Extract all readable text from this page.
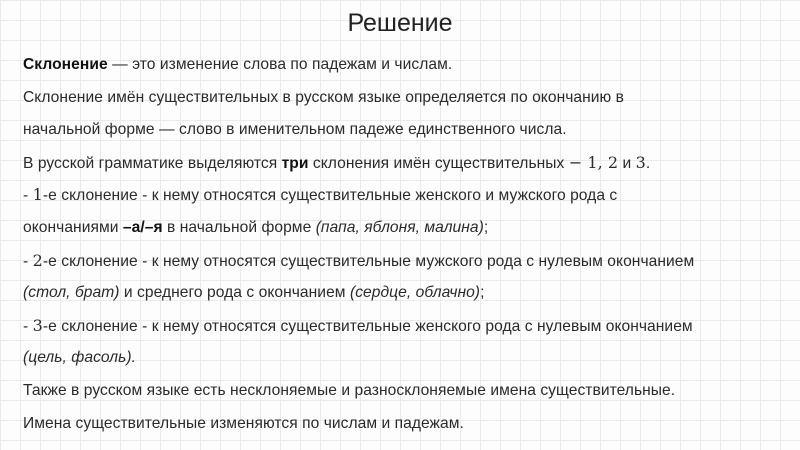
Решение
Склонение — это изменение слова по падежам и числам.
Склонение имён существительных в русском языке определяется по окончанию в
начальной форме — слово в именительном падеже единственного числа.
В русской грамматике выделяются три склонения имён существительных − 1, 2 и 3.
- 1-е склонение - к нему относятся существительные женского и мужского рода с
окончаниями –а/–я в начальной форме (папа, яблоня, малина);
- 2-е склонение - к нему относятся существительные мужского рода с нулевым окончанием
(стол, брат) и среднего рода с окончанием (сердце, облачно);
- 3-е склонение - к нему относятся существительные женского рода с нулевым окончанием
(цель, фасоль).
Также в русском языке есть несклоняемые и разносклоняемые имена существительные.
Имена существительные изменяются по числам и падежам.
